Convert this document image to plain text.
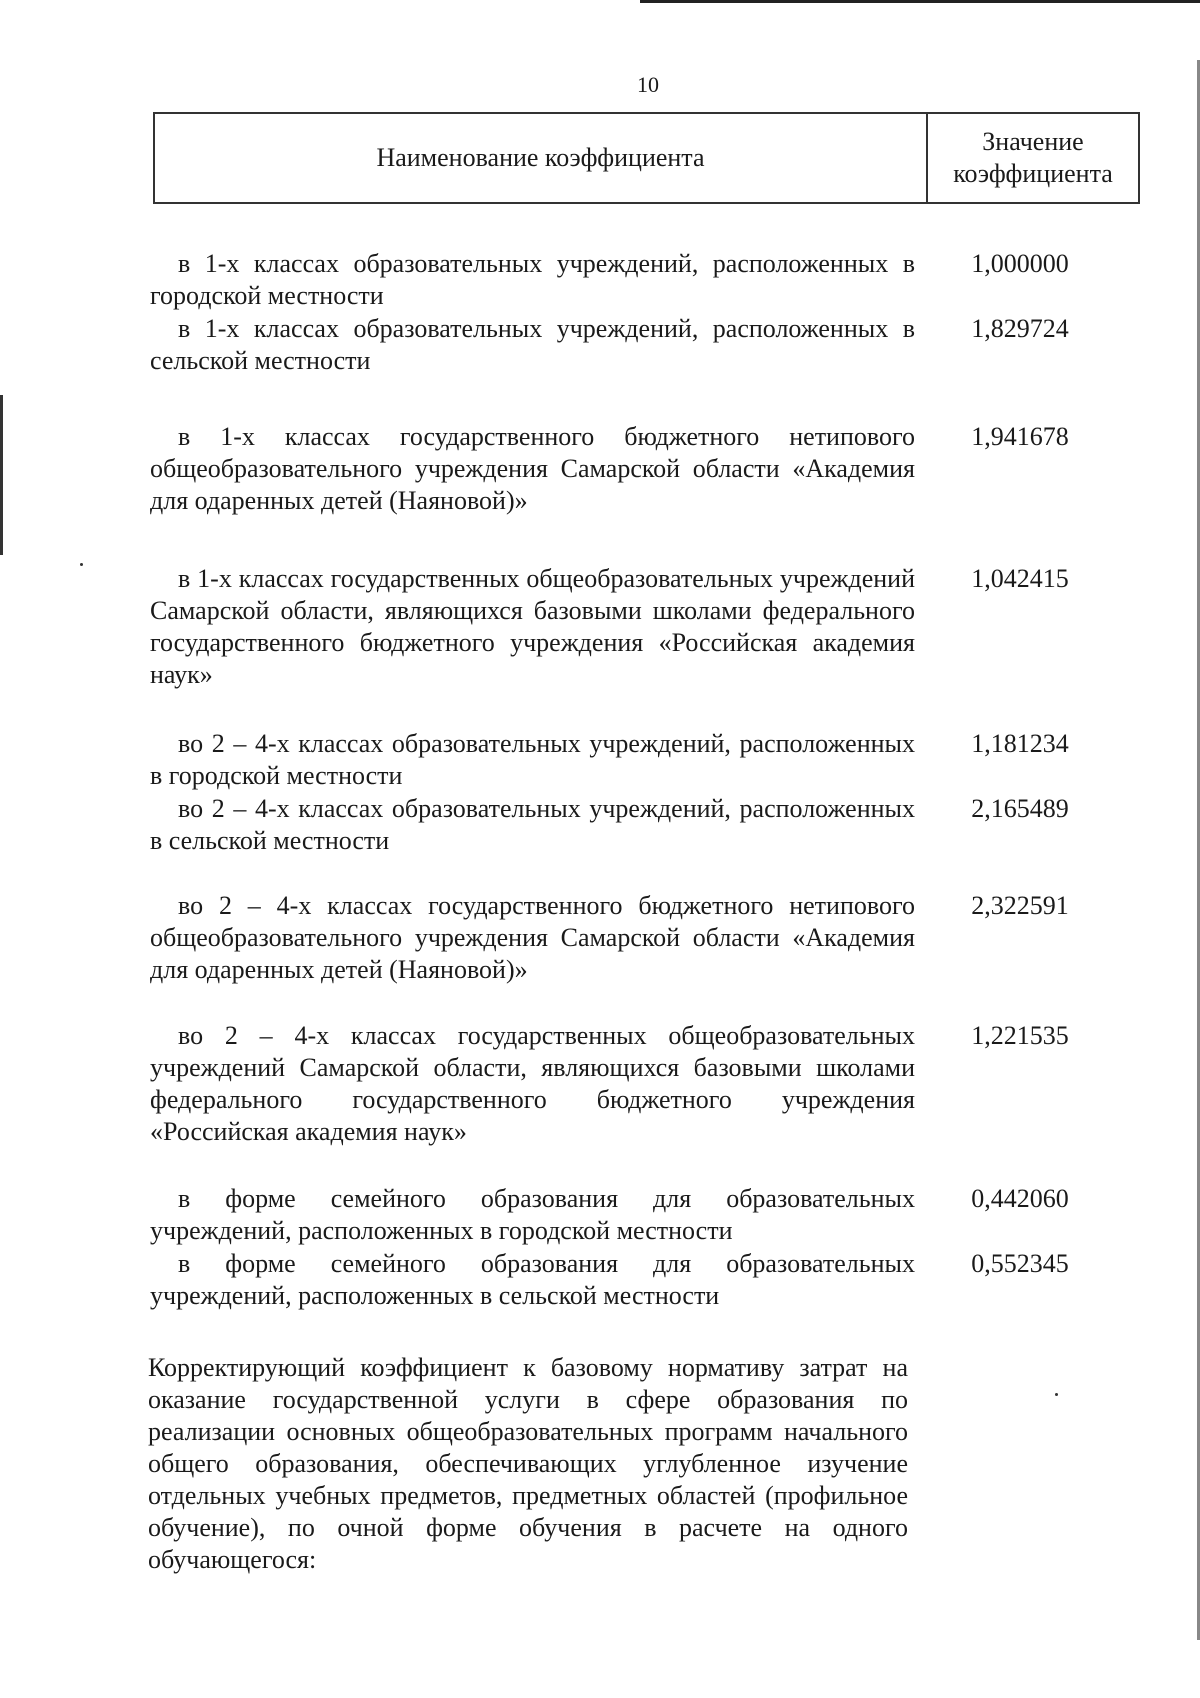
10
Наименование коэффициента
Значение коэффициента
в 1-х классах образовательных учреждений, расположенных в городской местности
1,000000
в 1-х классах образовательных учреждений, расположенных в сельской местности
1,829724
в 1-х классах государственного бюджетного нетипового общеобразовательного учреждения Самарской области «Академия для одаренных детей (Наяновой)»
1,941678
в 1-х классах государственных общеобразовательных учреждений Самарской области, являющихся базовыми школами федерального государственного бюджетного учреждения «Российская академия наук»
1,042415
во 2 – 4-х классах образовательных учреждений, расположенных в городской местности
1,181234
во 2 – 4-х классах образовательных учреждений, расположенных в сельской местности
2,165489
во 2 – 4-х классах государственного бюджетного нетипового общеобразовательного учреждения Самарской области «Академия для одаренных детей (Наяновой)»
2,322591
во 2 – 4-х классах государственных общеобразовательных учреждений Самарской области, являющихся базовыми школами федерального государственного бюджетного учреждения «Российская академия наук»
1,221535
в форме семейного образования для образовательных учреждений, расположенных в городской местности
0,442060
в форме семейного образования для образовательных учреждений, расположенных в сельской местности
0,552345
Корректирующий коэффициент к базовому нормативу затрат на оказание государственной услуги в сфере образования по реализации основных общеобразовательных программ начального общего образования, обеспечивающих углубленное изучение отдельных учебных предметов, предметных областей (профильное обучение), по очной форме обучения в расчете на одного обучающегося:
